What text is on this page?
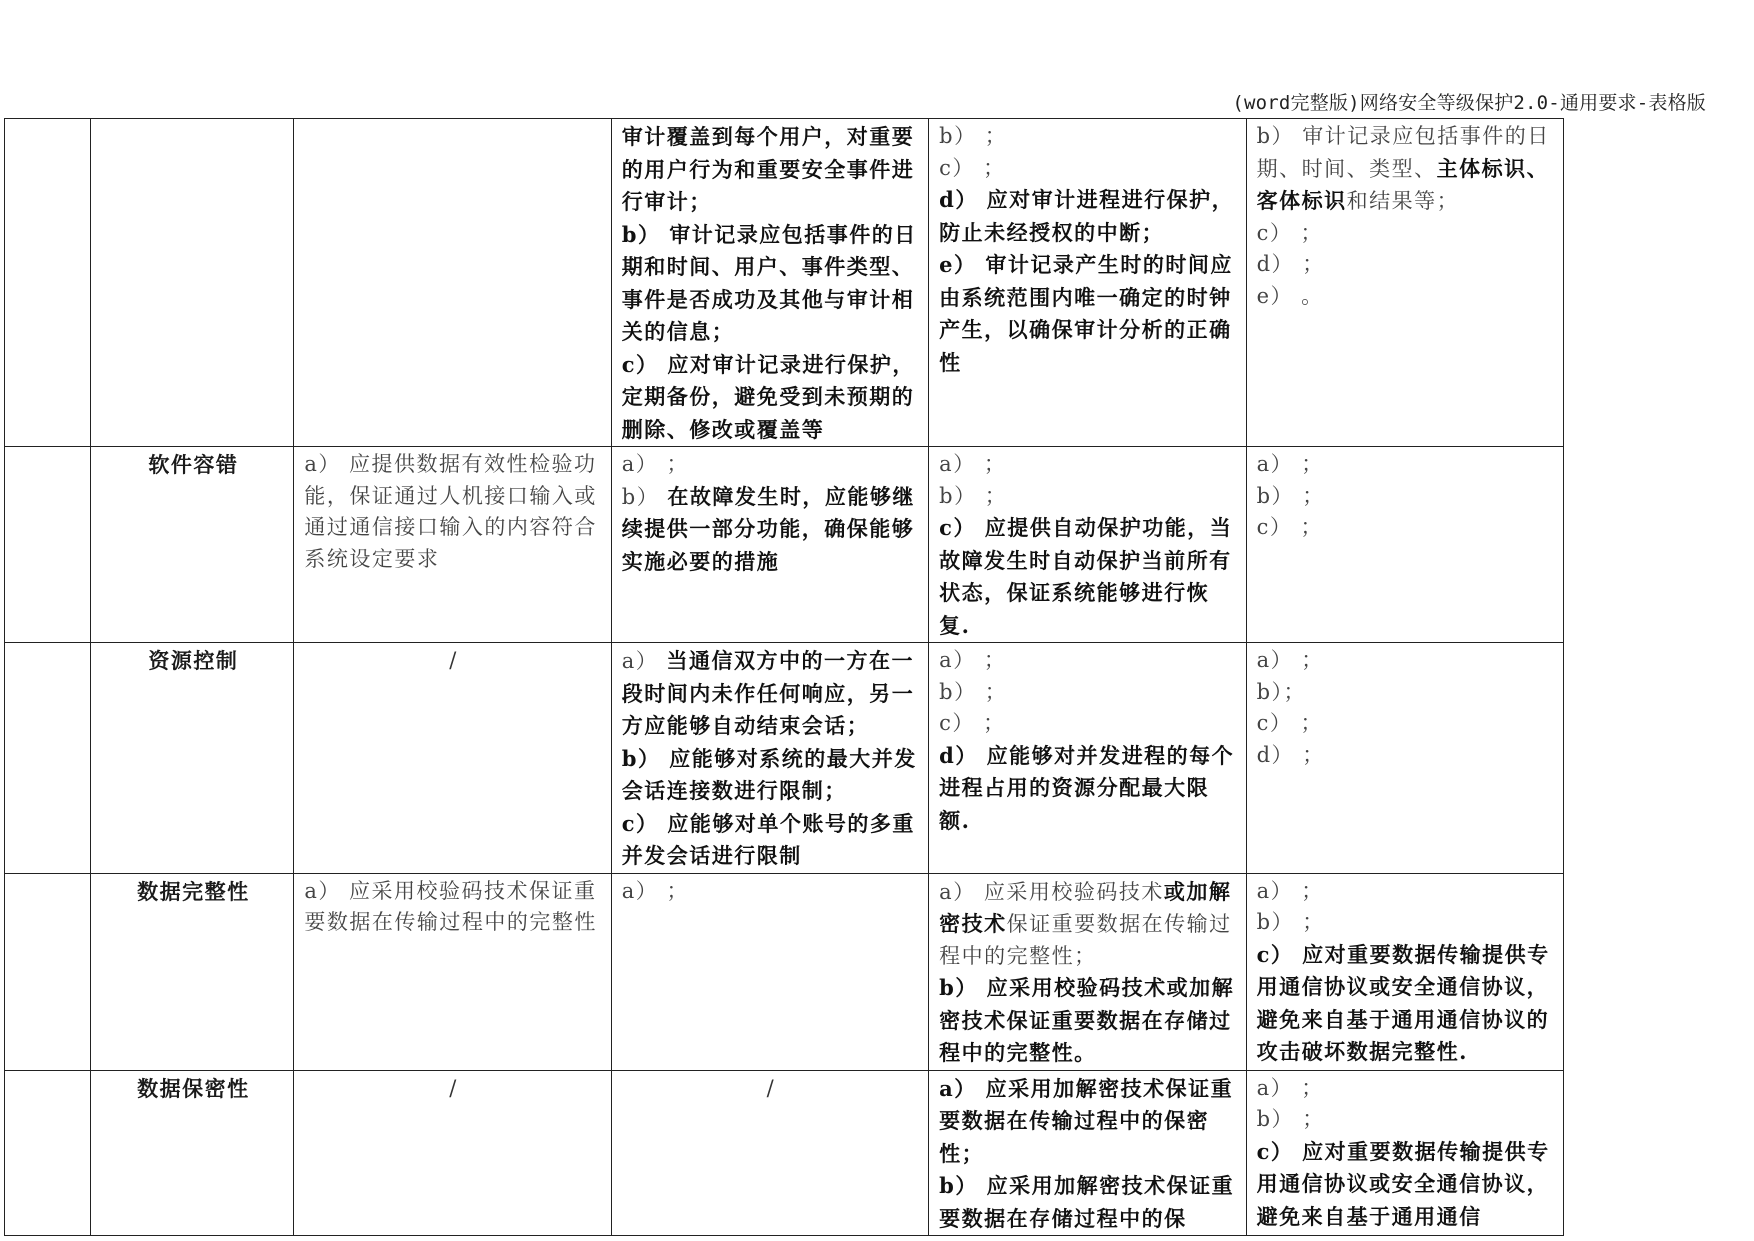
(word完整版)网络安全等级保护2.0-通用要求-表格版

			审计覆盖到每个用户，对重要的用户行为和重要安全事件进行审计；
b） 审计记录应包括事件的日期和时间、用户、事件类型、事件是否成功及其他与审计相关的信息；
c） 应对审计记录进行保护，定期备份，避免受到未预期的删除、修改或覆盖等	b） ；
c） ；
d） 应对审计进程进行保护，防止未经授权的中断；
e） 审计记录产生时的时间应由系统范围内唯一确定的时钟产生，以确保审计分析的正确性	b） 审计记录应包括事件的日期、时间、类型、主体标识、客体标识和结果等；
c） ；
d） ；
e） 。

	软件容错	a） 应提供数据有效性检验功能，保证通过人机接口输入或通过通信接口输入的内容符合系统设定要求	a） ；
b） 在故障发生时，应能够继续提供一部分功能，确保能够实施必要的措施	a） ；
b） ；
c） 应提供自动保护功能，当故障发生时自动保护当前所有状态，保证系统能够进行恢复.	a） ；
b） ；
c） ；

	资源控制	/	a） 当通信双方中的一方在一段时间内未作任何响应，另一方应能够自动结束会话；
b） 应能够对系统的最大并发会话连接数进行限制；
c） 应能够对单个账号的多重并发会话进行限制	a） ；
b） ；
c） ；
d） 应能够对并发进程的每个进程占用的资源分配最大限额.	a） ；
b）；
c） ；
d） ；

	数据完整性	a） 应采用校验码技术保证重要数据在传输过程中的完整性	a） ；	a） 应采用校验码技术或加解密技术保证重要数据在传输过程中的完整性；
b） 应采用校验码技术或加解密技术保证重要数据在存储过程中的完整性。	a） ；
b） ；
c） 应对重要数据传输提供专用通信协议或安全通信协议，避免来自基于通用通信协议的攻击破坏数据完整性.

	数据保密性	/	/	a） 应采用加解密技术保证重要数据在传输过程中的保密性；
b） 应采用加解密技术保证重要数据在存储过程中的保	a） ；
b） ；
c） 应对重要数据传输提供专用通信协议或安全通信协议，避免来自基于通用通信
